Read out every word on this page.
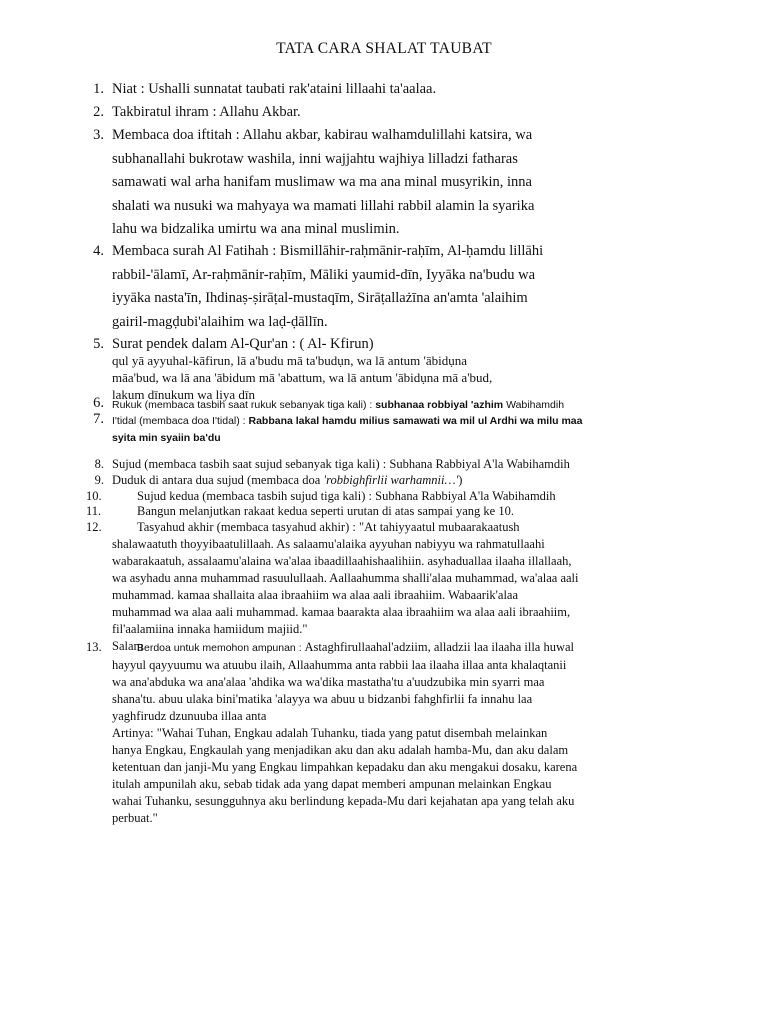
TATA CARA SHALAT TAUBAT
1. Niat : Ushalli sunnatat taubati rak'ataini lillaahi ta'aalaa.
2. Takbiratul ihram : Allahu Akbar.
3. Membaca doa iftitah : Allahu akbar, kabirau walhamdulillahi katsira, wa
subhanallahi bukrotaw washila, inni wajjahtu wajhiya lilladzi fatharas
samawati wal arha hanifam muslimaw wa ma ana minal musyrikin, inna
shalati wa nusuki wa mahyaya wa mamati lillahi rabbil alamin la syarika
lahu wa bidzalika umirtu wa ana minal muslimin.
4. Membaca surah Al Fatihah : Bismillāhir-raḥmānir-raḥīm, Al-ḥamdu lillāhi
rabbil-'ālamī, Ar-raḥmānir-raḥīm, Māliki yaumid-dīn, Iyyāka na'budu wa
iyyāka nasta'īn, Ihdinaṣ-ṣirāṭal-mustaqīm, Sirāṭallażīna an'amta 'alaihim
gairil-magḍubi'alaihim wa laḍ-ḍāllīn.
5. Surat pendek dalam Al-Qur'an : ( Al- Kfirun)
qul yā ayyuhal-kāfirun, lā a'budu mā ta'budụn, wa lā antum 'ābidụna
māa'bud, wa lā ana 'ābidum mā 'abattum, wa lā antum 'ābidụna mā a'bud,
lakum dīnukum wa liya dīn
6. Rukuk (membaca tasbih saat rukuk sebanyak tiga kali) : subhanaa robbiyal 'azhim Wabihamdih
7. I'tidal (membaca doa I'tidal) : Rabbana lakal hamdu milius samawati wa mil ul Ardhi wa milu maa
syita min syaiin ba'du
8. Sujud (membaca tasbih saat sujud sebanyak tiga kali) : Subhana Rabbiyal A'la Wabihamdih
9. Duduk di antara dua sujud (membaca doa 'robbighfirlii warhamnii…')
10.	Sujud kedua (membaca tasbih sujud tiga kali) : Subhana Rabbiyal A'la Wabihamdih
11.	Bangun melanjutkan rakaat kedua seperti urutan di atas sampai yang ke 10.
12.	Tasyahud akhir (membaca tasyahud akhir) : "At tahiyyaatul mubaarakaatush
shalawaatuth thoyyibaatulillaah. As salaamu'alaika ayyuhan nabiyyu wa rahmatullaahi
wabarakaatuh, assalaamu'alaina wa'alaa ibaadillaahishaalihiin. asyhaduallaa ilaaha illallaah,
wa asyhadu anna muhammad rasuulullaah. Aallaahumma shalli'alaa muhammad, wa'alaa aali
muhammad. kamaa shallaita alaa ibraahiim wa alaa aali ibraahiim. Wabaarik'alaa
muhammad wa alaa aali muhammad. kamaa baarakta alaa ibraahiim wa alaa aali ibraahiim,
fil'aalamiina innaka hamiidum majiid."
Salam
13.	Berdoa untuk memohon ampunan : Astaghfirullaahal'adziim, alladzii laa ilaaha illa huwal
hayyul qayyuumu wa atuubu ilaih, Allaahumma anta rabbii laa ilaaha illaa anta khalaqtanii
wa ana'abduka wa ana'alaa 'ahdika wa wa'dika mastatha'tu a'uudzubika min syarri maa
shana'tu. abuu ulaka bini'matika 'alayya wa abuu u bidzanbi fahghfirlii fa innahu laa
yaghfirudz dzunuuba illaa anta
Artinya: "Wahai Tuhan, Engkau adalah Tuhanku, tiada yang patut disembah melainkan
hanya Engkau, Engkaulah yang menjadikan aku dan aku adalah hamba-Mu, dan aku dalam
ketentuan dan janji-Mu yang Engkau limpahkan kepadaku dan aku mengakui dosaku, karena
itulah ampunilah aku, sebab tidak ada yang dapat memberi ampunan melainkan Engkau
wahai Tuhanku, sesungguhnya aku berlindung kepada-Mu dari kejahatan apa yang telah aku
perbuat."
